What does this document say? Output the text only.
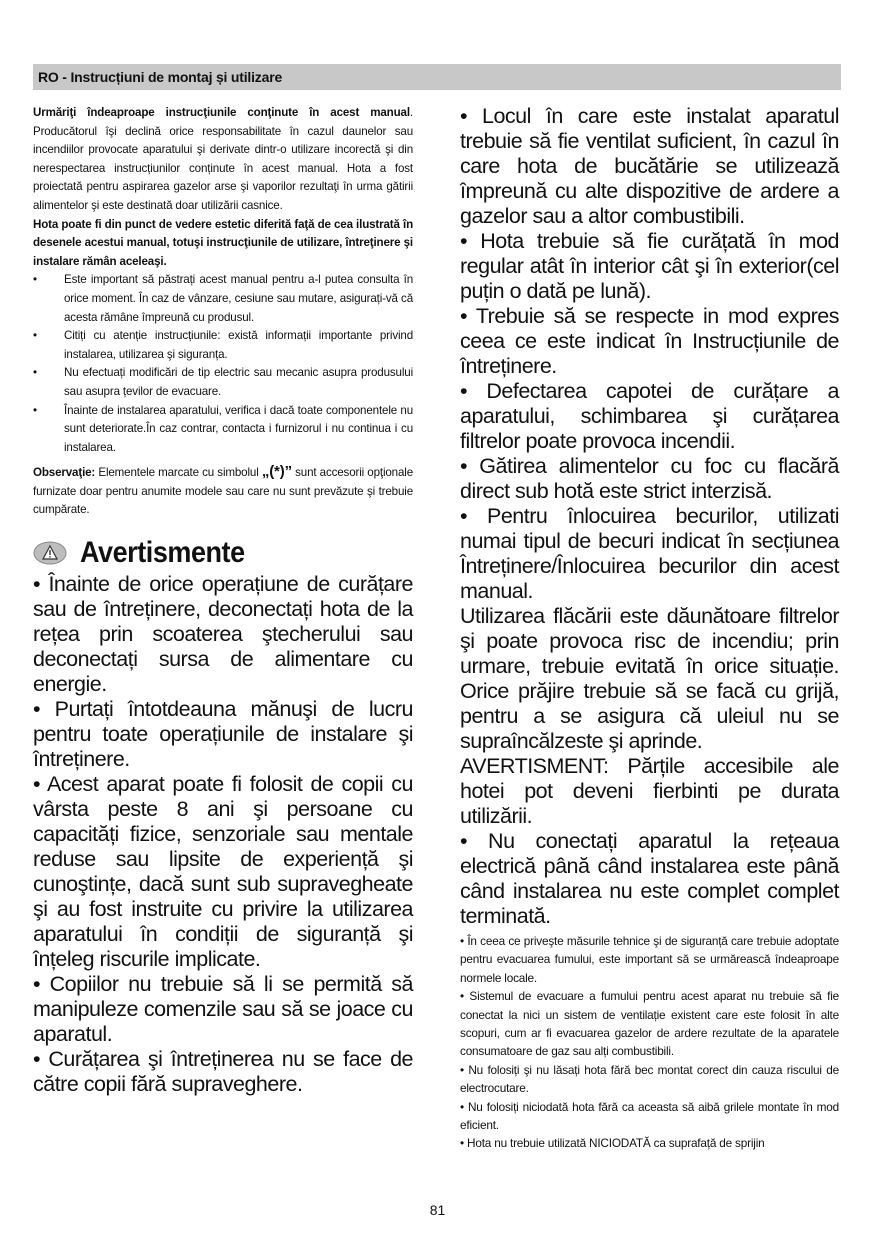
RO - Instrucțiuni de montaj și utilizare

Urmăriţi îndeaproape instrucţiunile conţinute în acest manual. Producătorul îşi declină orice responsabilitate în cazul daunelor sau incendiilor provocate aparatului şi derivate dintr-o utilizare incorectă şi din nerespectarea instrucțiunilor conținute în acest manual. Hota a fost proiectată pentru aspirarea gazelor arse şi vaporilor rezultaţi în urma gătirii alimentelor şi este destinată doar utilizării casnice.

Hota poate fi din punct de vedere estetic diferită faţă de cea ilustrată în desenele acestui manual, totuşi instrucţiunile de utilizare, întreţinere şi instalare rămân aceleaşi.

• Este important să păstrați acest manual pentru a-l putea consulta în orice moment. În caz de vânzare, cesiune sau mutare, asigurați-vă că acesta rămâne împreună cu produsul.
• Citiți cu atenție instrucțiunile: există informații importante privind instalarea, utilizarea şi siguranța.
• Nu efectuați modificări de tip electric sau mecanic asupra produsului sau asupra țevilor de evacuare.
• Înainte de instalarea aparatului, verifica i dacă toate componentele nu sunt deteriorate.În caz contrar, contacta i furnizorul i nu continua i cu instalarea.

Observaţie: Elementele marcate cu simbolul „(*)” sunt accesorii opţionale furnizate doar pentru anumite modele sau care nu sunt prevăzute şi trebuie cumpărate.

Avertismente

• Înainte de orice operațiune de curățare sau de întreținere, deconectați hota de la rețea prin scoaterea ştecherului sau deconectați sursa de alimentare cu energie.

• Purtați întotdeauna mănuşi de lucru pentru toate operațiunile de instalare şi întreținere.

• Acest aparat poate fi folosit de copii cu vârsta peste 8 ani şi persoane cu capacități fizice, senzoriale sau mentale reduse sau lipsite de experiență şi cunoştințe, dacă sunt sub supravegheate şi au fost instruite cu privire la utilizarea aparatului în condiții de siguranță şi înțeleg riscurile implicate.

• Copiilor nu trebuie să li se permită să manipuleze comenzile sau să se joace cu aparatul.

• Curățarea şi întreținerea nu se face de către copii fără supraveghere.

• Locul în care este instalat aparatul trebuie să fie ventilat suficient, în cazul în care hota de bucătărie se utilizează împreună cu alte dispozitive de ardere a gazelor sau a altor combustibili.

• Hota trebuie să fie curățată în mod regular atât în interior cât şi în exterior(cel puțin o dată pe lună).

• Trebuie să se respecte in mod expres ceea ce este indicat în Instrucțiunile de întreținere.

• Defectarea capotei de curățare a aparatului, schimbarea şi curățarea filtrelor poate provoca incendii.

• Gătirea alimentelor cu foc cu flacără direct sub hotă este strict interzisă.

• Pentru înlocuirea becurilor, utilizati numai tipul de becuri indicat în secțiunea Întreținere/Înlocuirea becurilor din acest manual.

Utilizarea flăcării este dăunătoare filtrelor şi poate provoca risc de incendiu; prin urmare, trebuie evitată în orice situație. Orice prăjire trebuie să se facă cu grijă, pentru a se asigura că uleiul nu se supraîncălzeste şi aprinde.

AVERTISMENT: Părțile accesibile ale hotei pot deveni fierbinti pe durata utilizării.

• Nu conectați aparatul la rețeaua electrică până când instalarea este până când instalarea nu este complet complet terminată.

• În ceea ce priveşte măsurile tehnice şi de siguranță care trebuie adoptate pentru evacuarea fumului, este important să se urmărească îndeaproape normele locale.

• Sistemul de evacuare a fumului pentru acest aparat nu trebuie să fie conectat la nici un sistem de ventilație existent care este folosit în alte scopuri, cum ar fi evacuarea gazelor de ardere rezultate de la aparatele consumatoare de gaz sau alți combustibili.

• Nu folosiți şi nu lăsați hota fără bec montat corect din cauza riscului de electrocutare.

• Nu folosiți niciodată hota fără ca aceasta să aibă grilele montate în mod eficient.

• Hota nu trebuie utilizată NICIODATĂ ca suprafață de sprijin

81
